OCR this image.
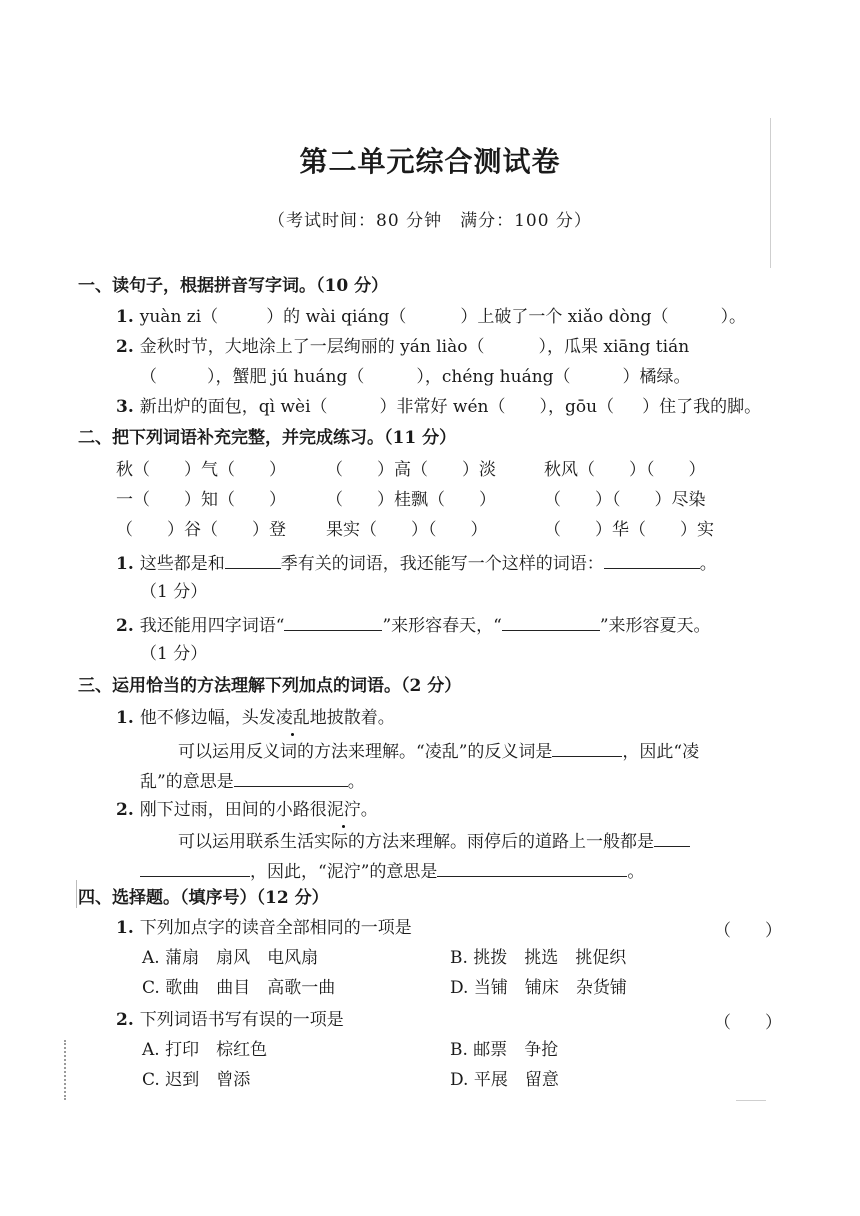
第二单元综合测试卷
（考试时间：80 分钟　满分：100 分）
一、读句子，根据拼音写字词。（10 分）
1. yuàn zi（	）的 wài qiáng（	）上破了一个 xiǎo dòng（	）。
2. 金秋时节，大地涂上了一层绚丽的 yán liào（	），瓜果 xiāng tián
（	），蟹肥 jú huáng（	），chéng huáng（	）橘绿。
3. 新出炉的面包，qì wèi（	）非常好 wén（ ），gōu（ ）住了我的脚。
二、把下列词语补充完整，并完成练习。（11 分）
秋（　　）气（　　） （　　）高（　　）淡	秋风（　　）（　　）
一（　　）知（　　） （　　）桂飘（　　）	（　　）（　　）尽染
（　　）谷（　　）登 果实（　　）（　　）	（　　）华（　　）实
1. 这些都是和	季有关的词语，我还能写一个这样的词语：	。
（1 分）
2. 我还能用四字词语“	”来形容春天，“	”来形容夏天。
（1 分）
三、运用恰当的方法理解下列加点的词语。（2 分）
1. 他不修边幅，头发凌乱地披散着。
可以运用反义词的方法来理解。“凌乱”的反义词是	，因此“凌
乱”的意思是	。
2. 刚下过雨，田间的小路很泥泞。
可以运用联系生活实际的方法来理解。雨停后的道路上一般都是
，因此，“泥泞”的意思是	。
四、选择题。（填序号）（12 分）
1. 下列加点字的读音全部相同的一项是	（　　）
A. 蒲扇　扇风　电风扇	B. 挑拨　挑选　挑促织
C. 歌曲　曲目　高歌一曲	D. 当铺　铺床　杂货铺
2. 下列词语书写有误的一项是	（　　）
A. 打印　棕红色	B. 邮票　争抢
C. 迟到　曾添	D. 平展　留意
